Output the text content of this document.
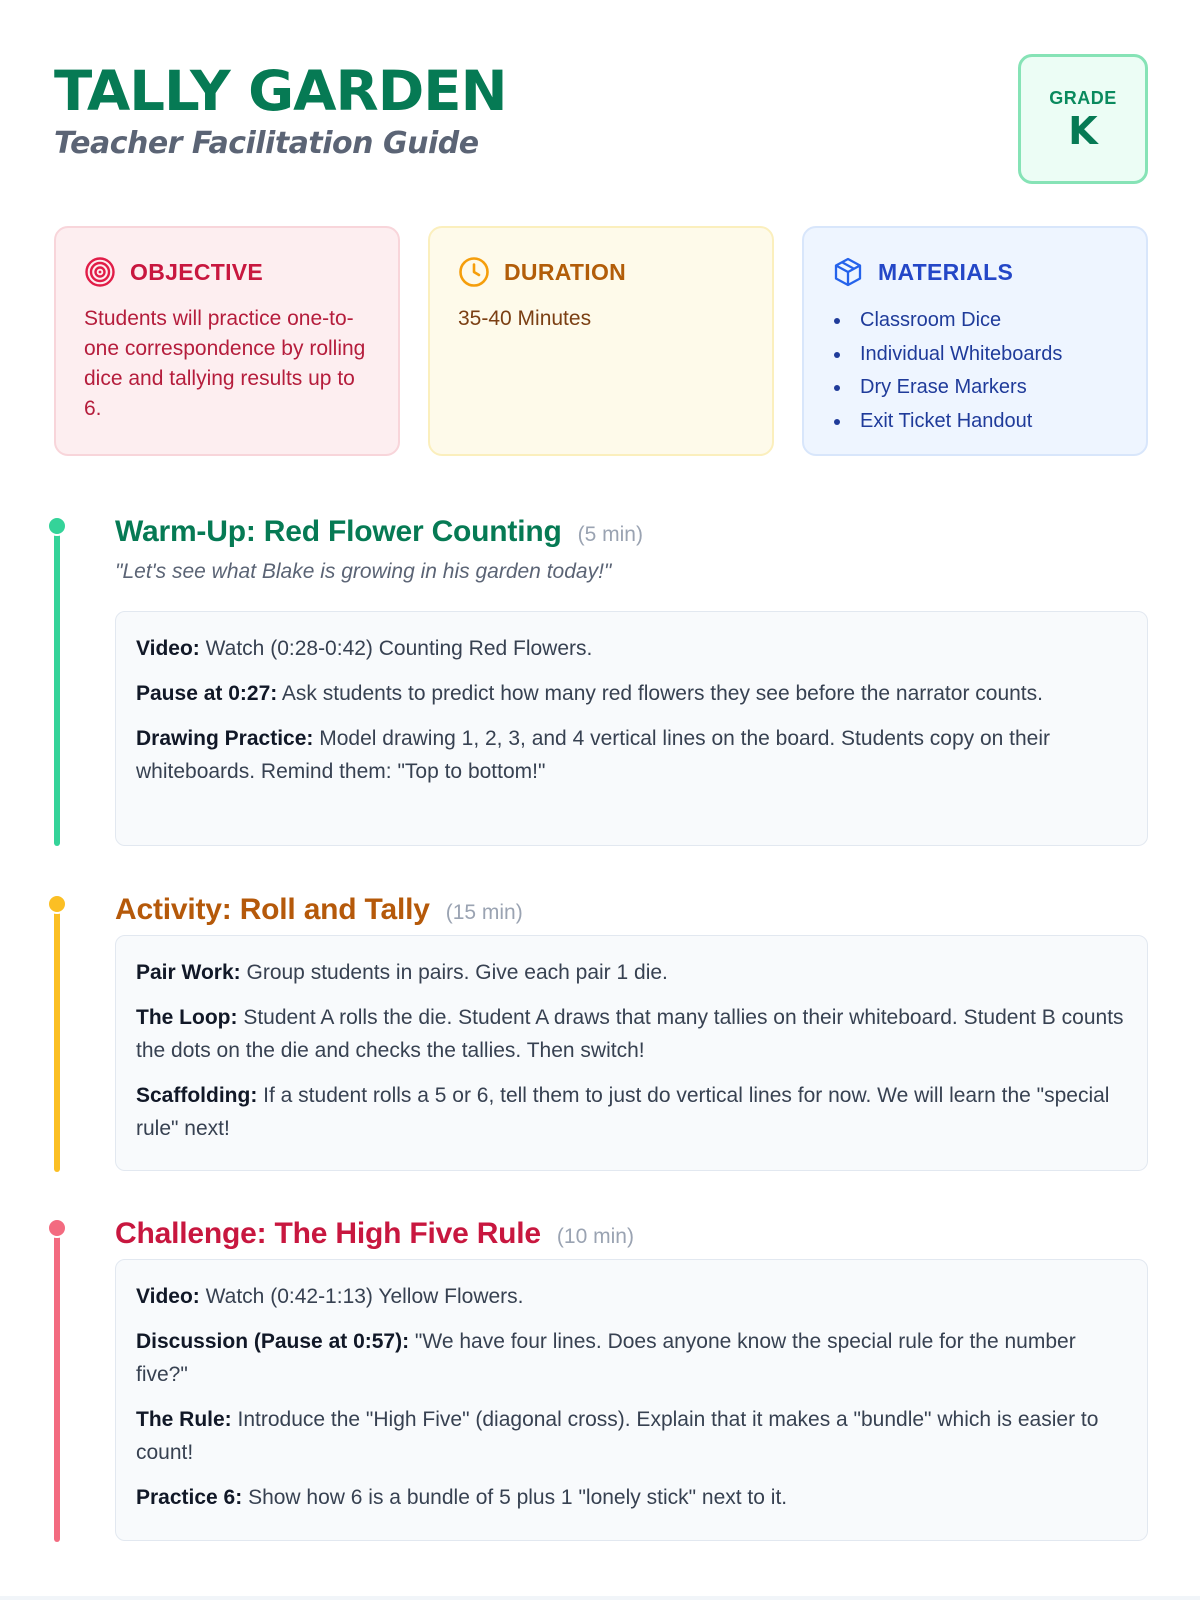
TALLY GARDEN
Teacher Facilitation Guide
GRADE
K
OBJECTIVE
Students will practice one-to-one correspondence by rolling dice and tallying results up to 6.
DURATION
35-40 Minutes
MATERIALS
Classroom Dice
Individual Whiteboards
Dry Erase Markers
Exit Ticket Handout
Warm-Up: Red Flower Counting (5 min)
"Let's see what Blake is growing in his garden today!"

Video: Watch (0:28-0:42) Counting Red Flowers.

Pause at 0:27: Ask students to predict how many red flowers they see before the narrator counts.

Drawing Practice: Model drawing 1, 2, 3, and 4 vertical lines on the board. Students copy on their whiteboards. Remind them: "Top to bottom!"

Activity: Roll and Tally (15 min)

Pair Work: Group students in pairs. Give each pair 1 die.

The Loop: Student A rolls the die. Student A draws that many tallies on their whiteboard. Student B counts the dots on the die and checks the tallies. Then switch!

Scaffolding: If a student rolls a 5 or 6, tell them to just do vertical lines for now. We will learn the "special rule" next!

Challenge: The High Five Rule (10 min)

Video: Watch (0:42-1:13) Yellow Flowers.

Discussion (Pause at 0:57): "We have four lines. Does anyone know the special rule for the number five?"

The Rule: Introduce the "High Five" (diagonal cross). Explain that it makes a "bundle" which is easier to count!

Practice 6: Show how 6 is a bundle of 5 plus 1 "lonely stick" next to it.
